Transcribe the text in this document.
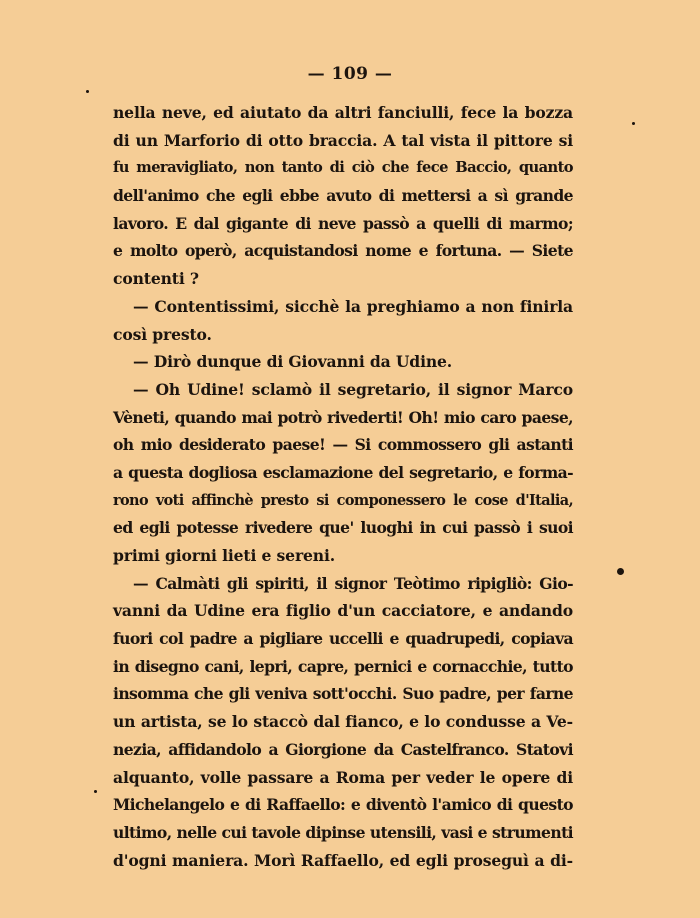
— 109 —
nella neve, ed aiutato da altri fanciulli, fece la bozza
di un Marforio di otto braccia. A tal vista il pittore si
fu meravigliato, non tanto di ciò che fece Baccio, quanto
dell'animo che egli ebbe avuto di mettersi a sì grande
lavoro. E dal gigante di neve passò a quelli di marmo;
e molto operò, acquistandosi nome e fortuna. — Siete
contenti ?
— Contentissimi, sicchè la preghiamo a non finirla
così presto.
— Dirò dunque di Giovanni da Udine.
— Oh Udine! sclamò il segretario, il signor Marco
Vèneti, quando mai potrò rivederti! Oh! mio caro paese,
oh mio desiderato paese! — Si commossero gli astanti
a questa dogliosa esclamazione del segretario, e forma-
rono voti affinchè presto si componessero le cose d'Italia,
ed egli potesse rivedere que' luoghi in cui passò i suoi
primi giorni lieti e sereni.
— Calmàti gli spiriti, il signor Teòtimo ripigliò: Gio-
vanni da Udine era figlio d'un cacciatore, e andando
fuori col padre a pigliare uccelli e quadrupedi, copiava
in disegno cani, lepri, capre, pernici e cornacchie, tutto
insomma che gli veniva sott'occhi. Suo padre, per farne
un artista, se lo staccò dal fianco, e lo condusse a Ve-
nezia, affidandolo a Giorgione da Castelfranco. Statovi
alquanto, volle passare a Roma per veder le opere di
Michelangelo e di Raffaello: e diventò l'amico di questo
ultimo, nelle cui tavole dipinse utensili, vasi e strumenti
d'ogni maniera. Morì Raffaello, ed egli proseguì a di-
